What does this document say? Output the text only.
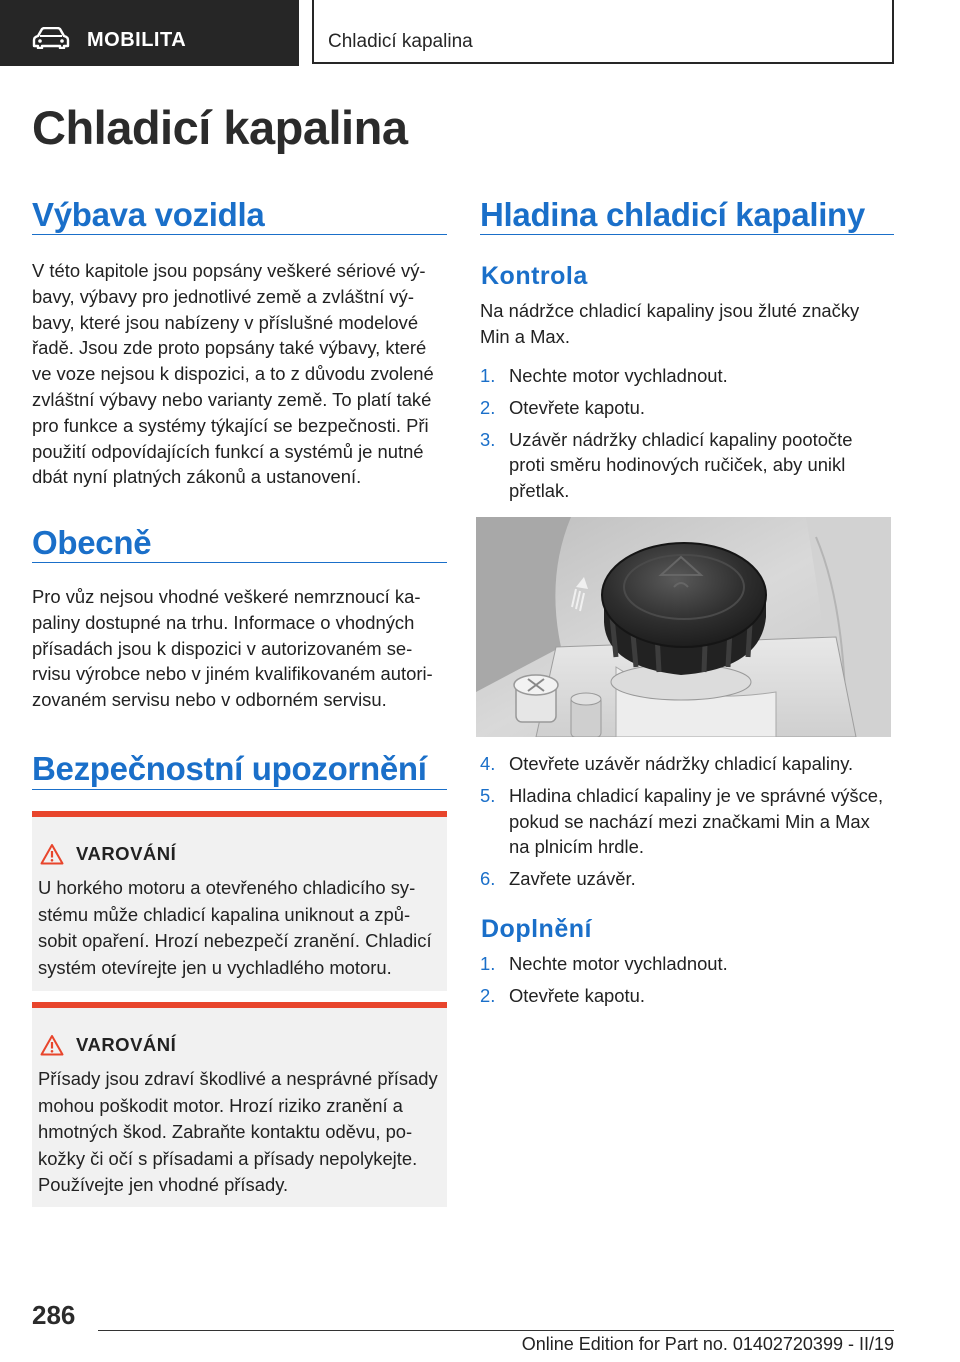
MOBILITA	Chladicí kapalina
Chladicí kapalina
Výbava vozidla

V této kapitole jsou popsány veškeré sériové vý-
bavy, výbavy pro jednotlivé země a zvláštní vý-
bavy, které jsou nabízeny v příslušné modelové
řadě. Jsou zde proto popsány také výbavy, které
ve voze nejsou k dispozici, a to z důvodu zvolené
zvláštní výbavy nebo varianty země. To platí také
pro funkce a systémy týkající se bezpečnosti. Při
použití odpovídajících funkcí a systémů je nutné
dbát nyní platných zákonů a ustanovení.

Obecně

Pro vůz nejsou vhodné veškeré nemrznoucí ka-
paliny dostupné na trhu. Informace o vhodných
přísadách jsou k dispozici v autorizovaném se-
rvisu výrobce nebo v jiném kvalifikovaném autori-
zovaném servisu nebo v odborném servisu.

Bezpečnostní upozornění
VAROVÁNÍ

U horkého motoru a otevřeného chladicího sy-
stému může chladicí kapalina uniknout a způ-
sobit opaření. Hrozí nebezpečí zranění. Chladicí
systém otevírejte jen u vychladlého motoru.

VAROVÁNÍ

Přísady jsou zdraví škodlivé a nesprávné přísady
mohou poškodit motor. Hrozí riziko zranění a
hmotných škod. Zabraňte kontaktu oděvu, po-
kožky či očí s přísadami a přísady nepolykejte.
Používejte jen vhodné přísady.

Hladina chladicí kapaliny
Kontrola

Na nádržce chladicí kapaliny jsou žluté značky
Min a Max.

1. Nechte motor vychladnout.
2. Otevřete kapotu.
3. Uzávěr nádržky chladicí kapaliny pootočte
proti směru hodinových ručiček, aby unikl
přetlak.
4. Otevřete uzávěr nádržky chladicí kapaliny.
5. Hladina chladicí kapaliny je ve správné výšce,
pokud se nachází mezi značkami Min a Max
na plnicím hrdle.
6. Zavřete uzávěr.
Doplnění
1. Nechte motor vychladnout.
2. Otevřete kapotu.
286
Online Edition for Part no. 01402720399 - II/19
